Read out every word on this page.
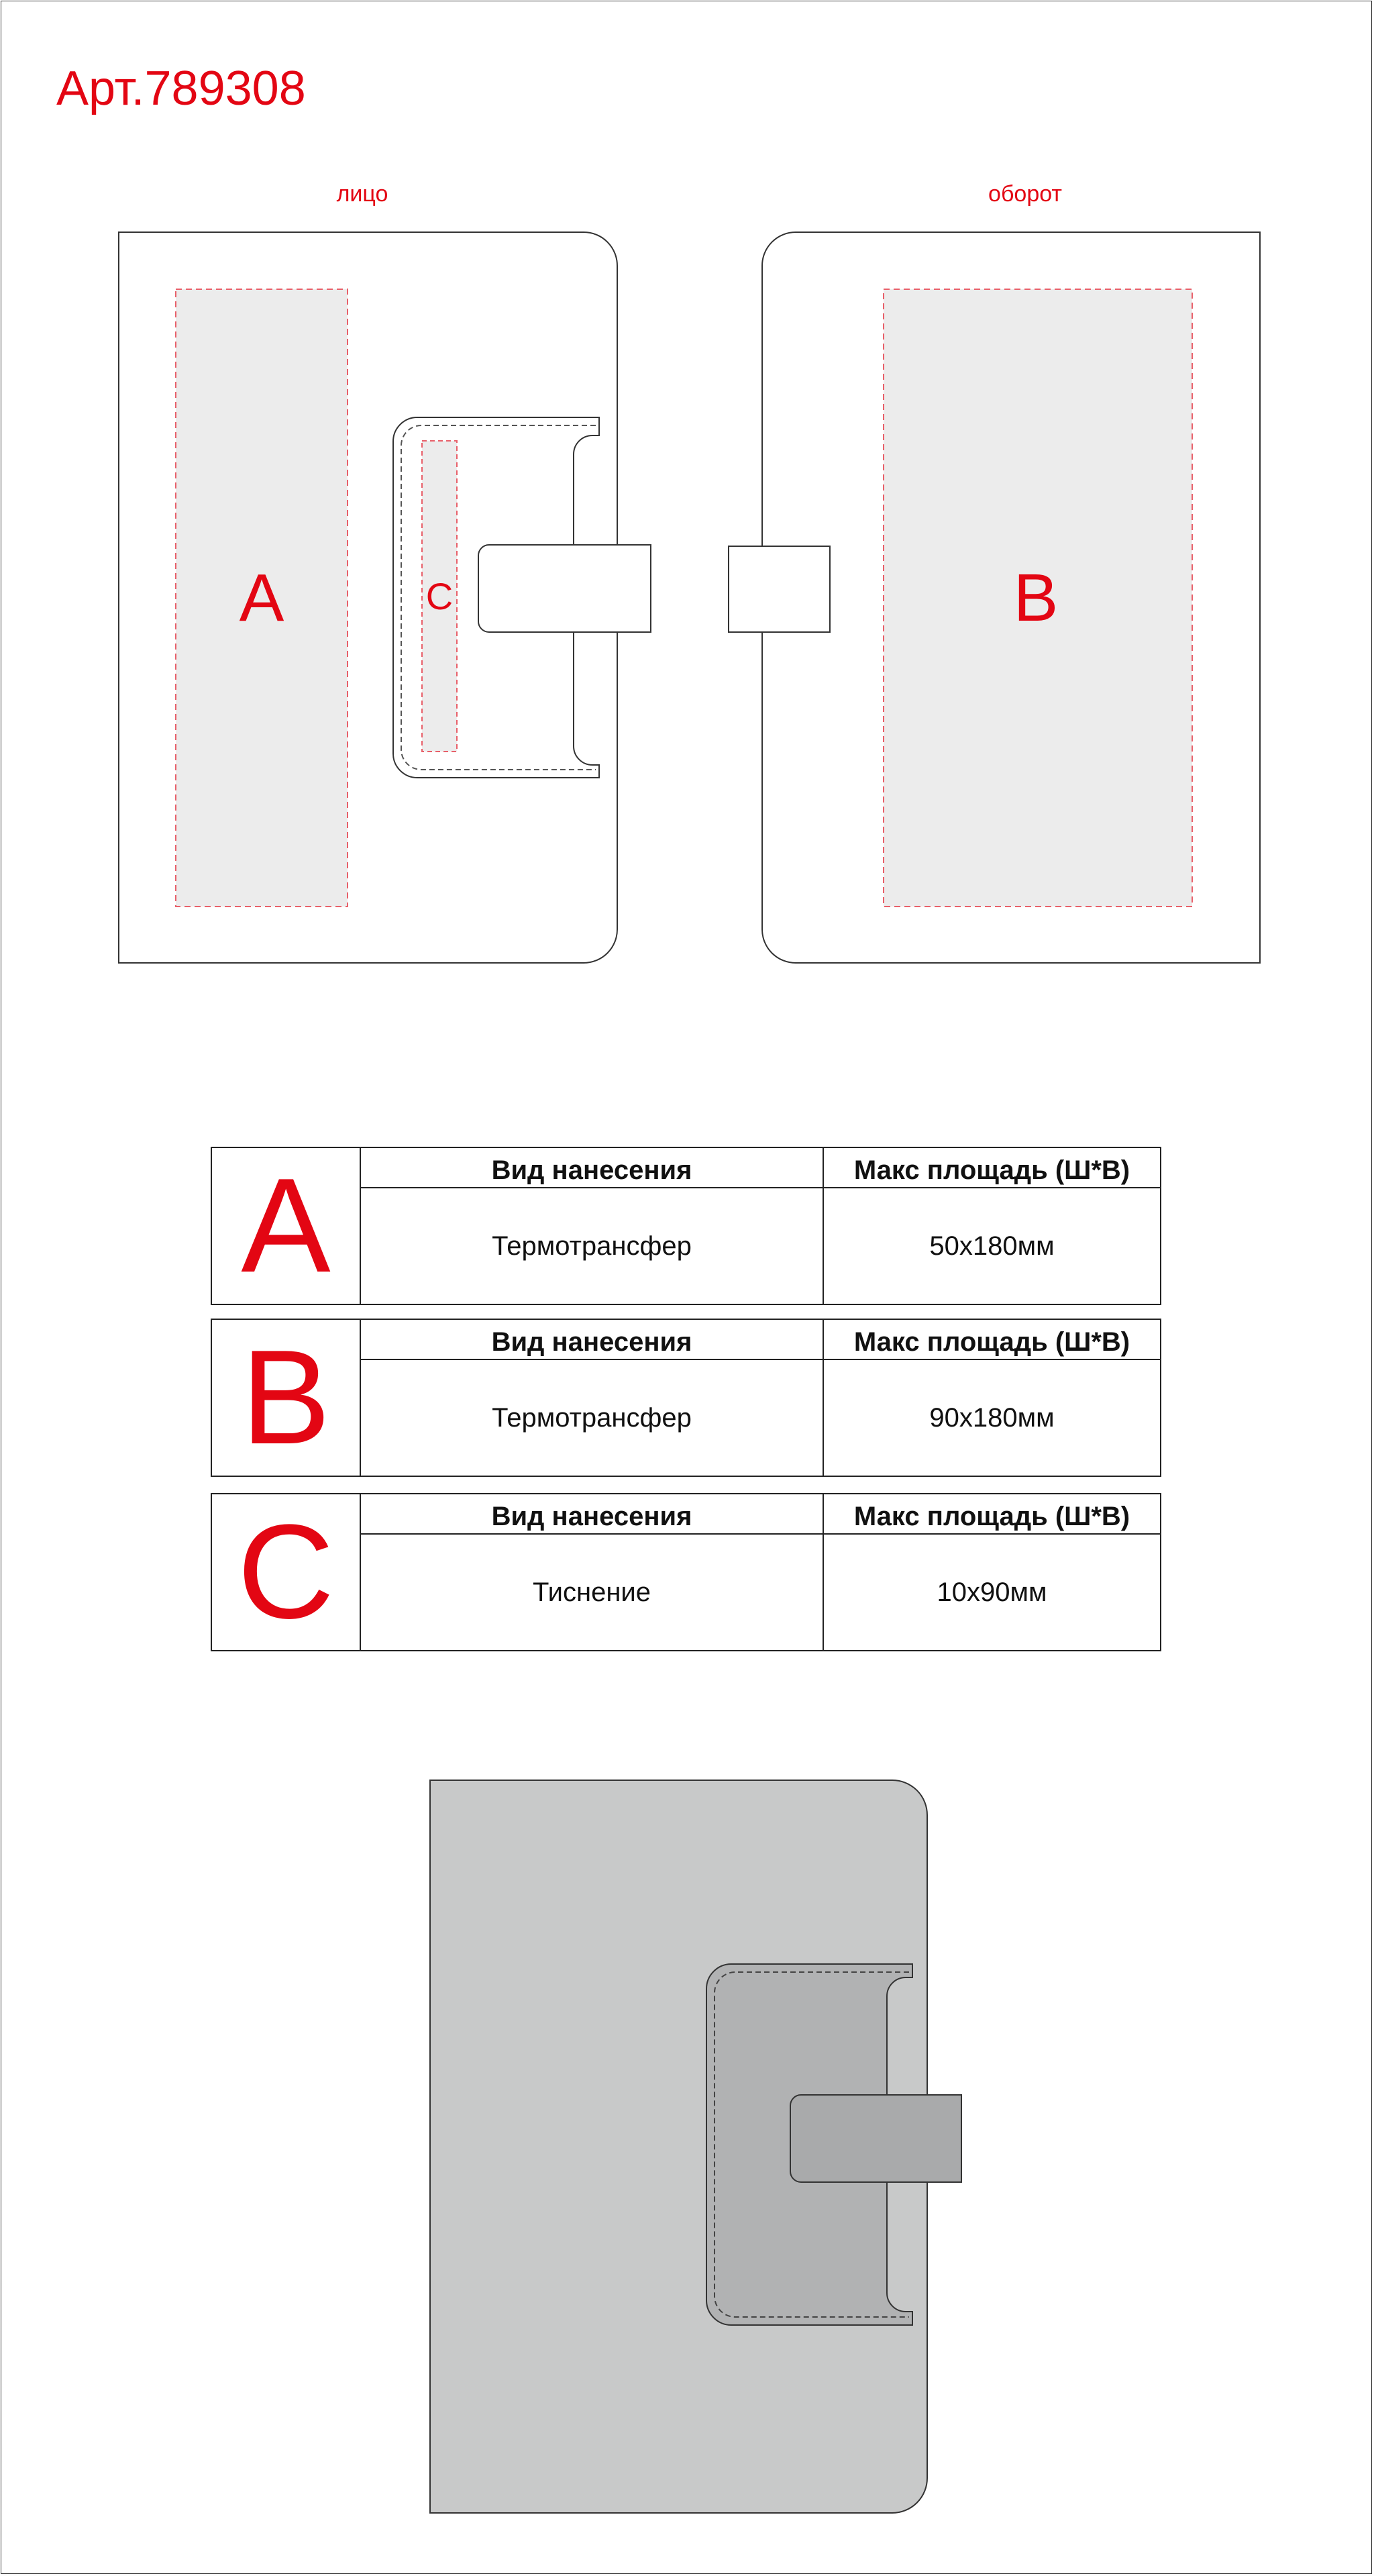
Арт.789308
лицо	оборот
A	C	B
A	Вид нанесения	Макс площадь (Ш*В)
Термотрансфер	50x180мм
B	Вид нанесения	Макс площадь (Ш*В)
Термотрансфер	90x180мм
C	Вид нанесения	Макс площадь (Ш*В)
Тиснение	10x90мм
